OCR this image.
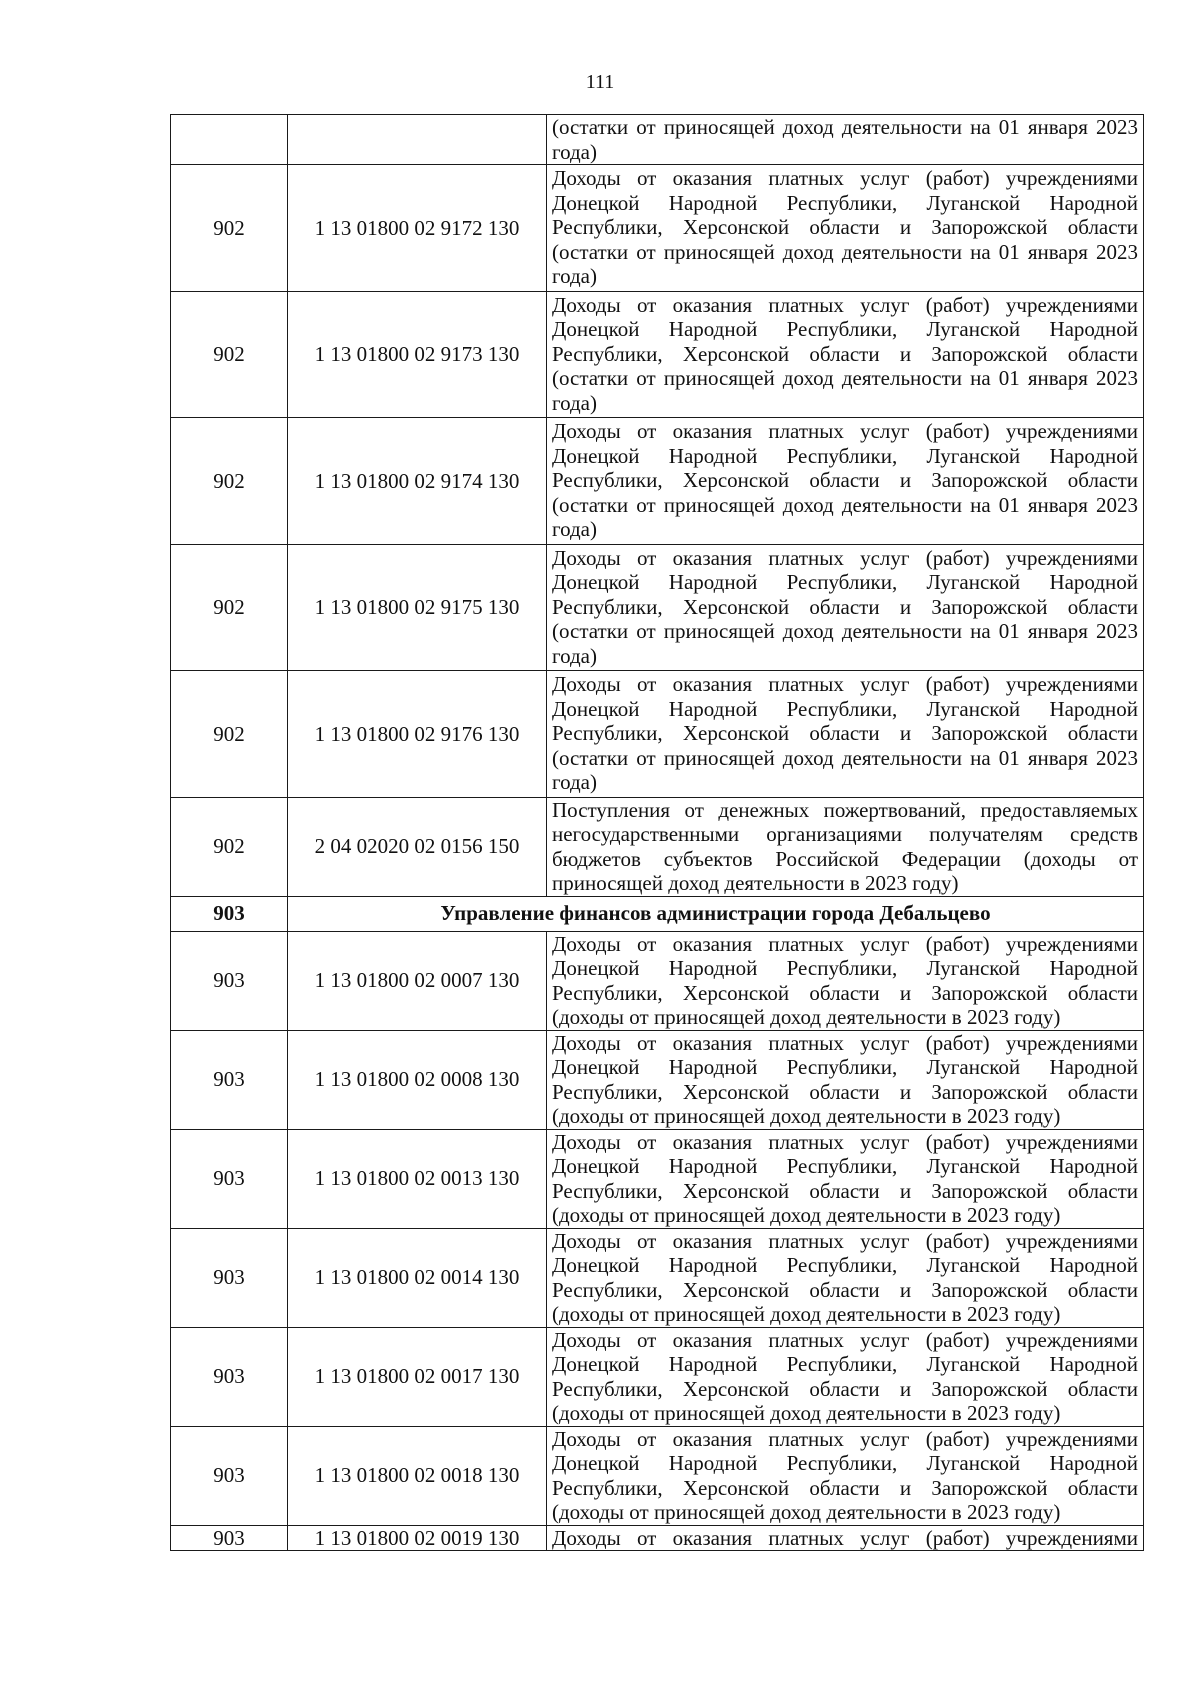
111
		(остатки от приносящей доход деятельности на 01 января 2023 года)
902	1 13 01800 02 9172 130	Доходы от оказания платных услуг (работ) учреждениями Донецкой Народной Республики, Луганской Народной Республики, Херсонской области и Запорожской области (остатки от приносящей доход деятельности на 01 января 2023 года)
902	1 13 01800 02 9173 130	Доходы от оказания платных услуг (работ) учреждениями Донецкой Народной Республики, Луганской Народной Республики, Херсонской области и Запорожской области (остатки от приносящей доход деятельности на 01 января 2023 года)
902	1 13 01800 02 9174 130	Доходы от оказания платных услуг (работ) учреждениями Донецкой Народной Республики, Луганской Народной Республики, Херсонской области и Запорожской области (остатки от приносящей доход деятельности на 01 января 2023 года)
902	1 13 01800 02 9175 130	Доходы от оказания платных услуг (работ) учреждениями Донецкой Народной Республики, Луганской Народной Республики, Херсонской области и Запорожской области (остатки от приносящей доход деятельности на 01 января 2023 года)
902	1 13 01800 02 9176 130	Доходы от оказания платных услуг (работ) учреждениями Донецкой Народной Республики, Луганской Народной Республики, Херсонской области и Запорожской области (остатки от приносящей доход деятельности на 01 января 2023 года)
902	2 04 02020 02 0156 150	Поступления от денежных пожертвований, предоставляемых негосударственными организациями получателям средств бюджетов субъектов Российской Федерации (доходы от приносящей доход деятельности в 2023 году)
903	Управление финансов администрации города Дебальцево	
903	1 13 01800 02 0007 130	Доходы от оказания платных услуг (работ) учреждениями Донецкой Народной Республики, Луганской Народной Республики, Херсонской области и Запорожской области (доходы от приносящей доход деятельности в 2023 году)
903	1 13 01800 02 0008 130	Доходы от оказания платных услуг (работ) учреждениями Донецкой Народной Республики, Луганской Народной Республики, Херсонской области и Запорожской области (доходы от приносящей доход деятельности в 2023 году)
903	1 13 01800 02 0013 130	Доходы от оказания платных услуг (работ) учреждениями Донецкой Народной Республики, Луганской Народной Республики, Херсонской области и Запорожской области (доходы от приносящей доход деятельности в 2023 году)
903	1 13 01800 02 0014 130	Доходы от оказания платных услуг (работ) учреждениями Донецкой Народной Республики, Луганской Народной Республики, Херсонской области и Запорожской области (доходы от приносящей доход деятельности в 2023 году)
903	1 13 01800 02 0017 130	Доходы от оказания платных услуг (работ) учреждениями Донецкой Народной Республики, Луганской Народной Республики, Херсонской области и Запорожской области (доходы от приносящей доход деятельности в 2023 году)
903	1 13 01800 02 0018 130	Доходы от оказания платных услуг (работ) учреждениями Донецкой Народной Республики, Луганской Народной Республики, Херсонской области и Запорожской области (доходы от приносящей доход деятельности в 2023 году)
903	1 13 01800 02 0019 130	Доходы от оказания платных услуг (работ) учреждениями
